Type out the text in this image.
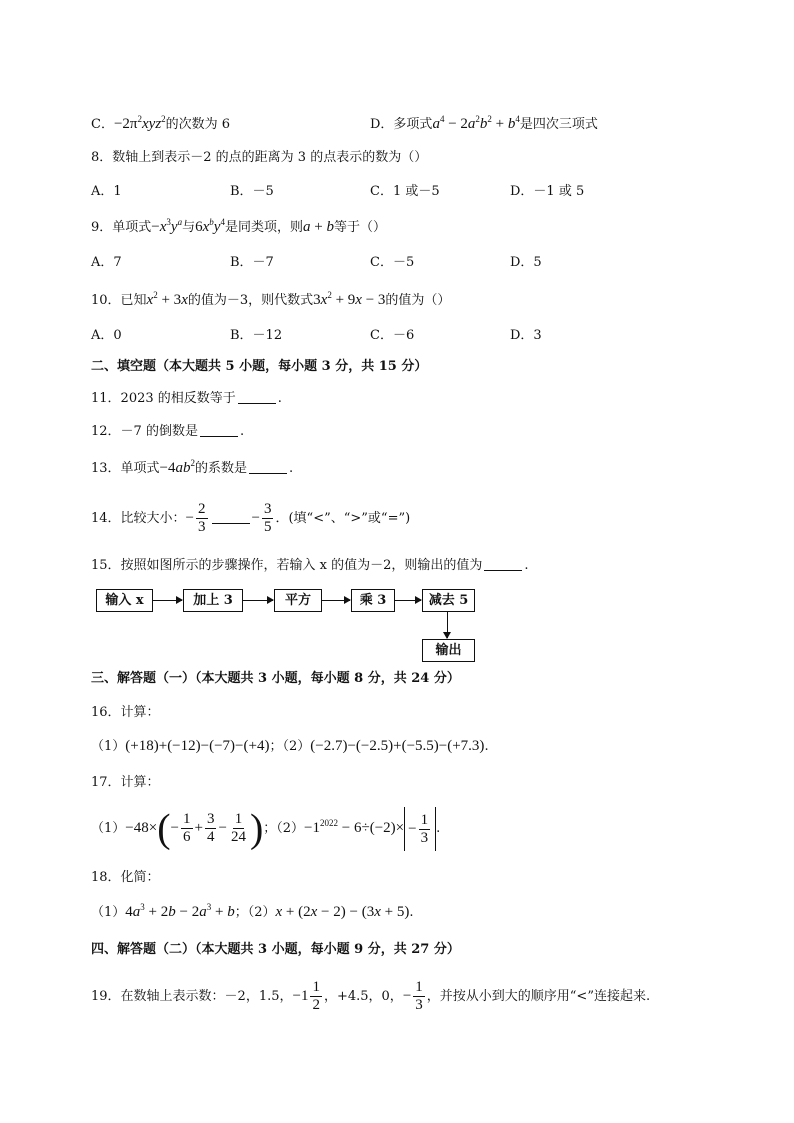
C．$-2\pi^2xyz^2$的次数为 6	D．多项式$a^4 - 2a^2b^2 + b^4$是四次三项式
8．数轴上到表示－2 的点的距离为 3 的点表示的数为（）
A．1	B．－5	C．1 或－5	D．－1 或 5
9．单项式$-x^3y^a$与$6x^by^4$是同类项，则a + b等于（）
A．7	B．－7	C．－5	D．5
10．已知$x^2 + 3x$的值为－3，则代数式$3x^2 + 9x - 3$的值为（）
A．0	B．－12	C．－6	D．3
二、填空题（本大题共 5 小题，每小题 3 分，共 15 分）
11．2023 的相反数等于	.
12．－7 的倒数是	.
13．单项式$-4ab^2$的系数是	.
14．比较大小：− $\frac{2}{3}$	− $\frac{3}{5}$ ．(填“<”、“>”或“=”)
15．按照如图所示的步骤操作，若输入 x 的值为－2，则输出的值为	.
输入 x	加上 3	平方	乘 3	减去 5
输出
三、解答题（一）（本大题共 3 小题，每小题 8 分，共 24 分）
16．计算：
（1）(+18)+(−12)−(−7)−(+4)；（2）(−2.7)−(−2.5)+(−5.5)−(+7.3).
17．计算：
$(1)-48\times(- \frac{1}{6} + \frac{3}{4} - \frac{1}{24}$ )；$(2)-1^{2022} - 6\div(-2)\times - \frac{1}{3}$ .
18．化简：
$(1)4a^3 + 2b - 2a^3 + b$；（2）x + (2x − 2) − (3x + 5).
四、解答题（二）（本大题共 3 小题，每小题 9 分，共 27 分）
19．在数轴上表示数：－2，1.5，$-1 \frac{1}{2}$ ，+4.5，0，− $\frac{1}{3}$ ，并按从小到大的顺序用“<”连接起来.
